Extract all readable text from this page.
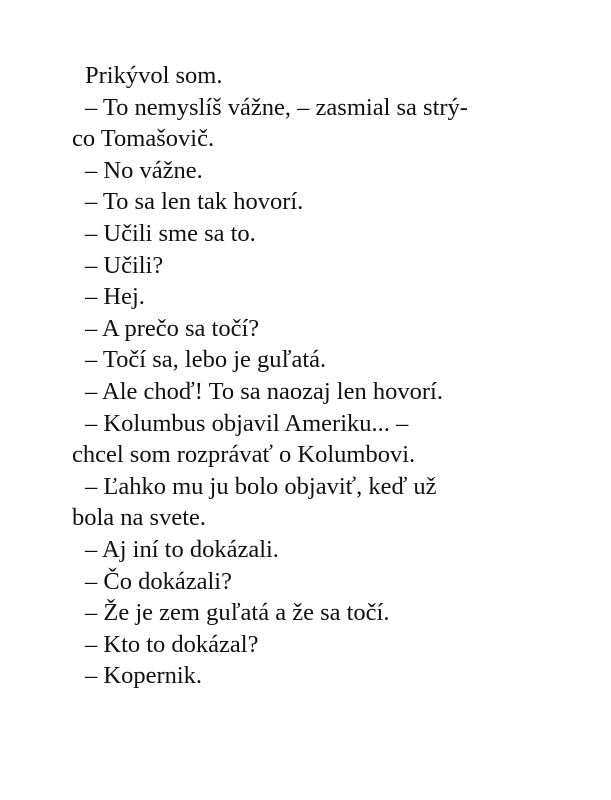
Prikývol som.
– To nemyslíš vážne, – zasmial sa strý-
co Tomašovič.
– No vážne.
– To sa len tak hovorí.
– Učili sme sa to.
– Učili?
– Hej.
– A prečo sa točí?
– Točí sa, lebo je guľatá.
– Ale choď! To sa naozaj len hovorí.
– Kolumbus objavil Ameriku... –
chcel som rozprávať o Kolumbovi.
– Ľahko mu ju bolo objaviť, keď už
bola na svete.
– Aj iní to dokázali.
– Čo dokázali?
– Že je zem guľatá a že sa točí.
– Kto to dokázal?
– Kopernik.
